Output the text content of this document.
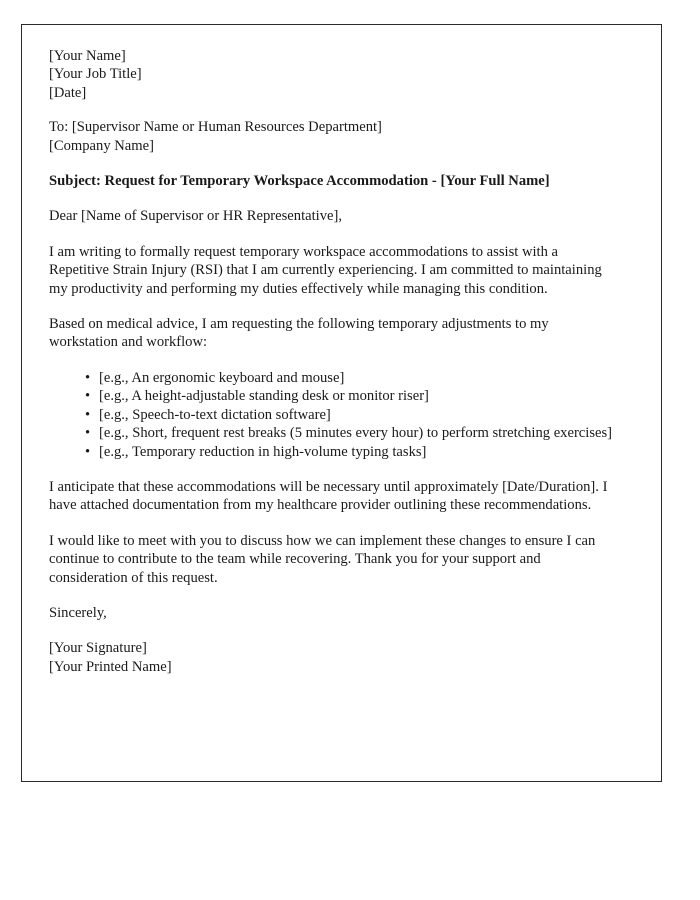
[Your Name]
[Your Job Title]
[Date]
To: [Supervisor Name or Human Resources Department]
[Company Name]
Subject: Request for Temporary Workspace Accommodation - [Your Full Name]
Dear [Name of Supervisor or HR Representative],
I am writing to formally request temporary workspace accommodations to assist with a Repetitive Strain Injury (RSI) that I am currently experiencing. I am committed to maintaining my productivity and performing my duties effectively while managing this condition.
Based on medical advice, I am requesting the following temporary adjustments to my workstation and workflow:
• [e.g., An ergonomic keyboard and mouse]
• [e.g., A height-adjustable standing desk or monitor riser]
• [e.g., Speech-to-text dictation software]
• [e.g., Short, frequent rest breaks (5 minutes every hour) to perform stretching exercises]
• [e.g., Temporary reduction in high-volume typing tasks]
I anticipate that these accommodations will be necessary until approximately [Date/Duration]. I have attached documentation from my healthcare provider outlining these recommendations.
I would like to meet with you to discuss how we can implement these changes to ensure I can continue to contribute to the team while recovering. Thank you for your support and consideration of this request.
Sincerely,
[Your Signature]
[Your Printed Name]
